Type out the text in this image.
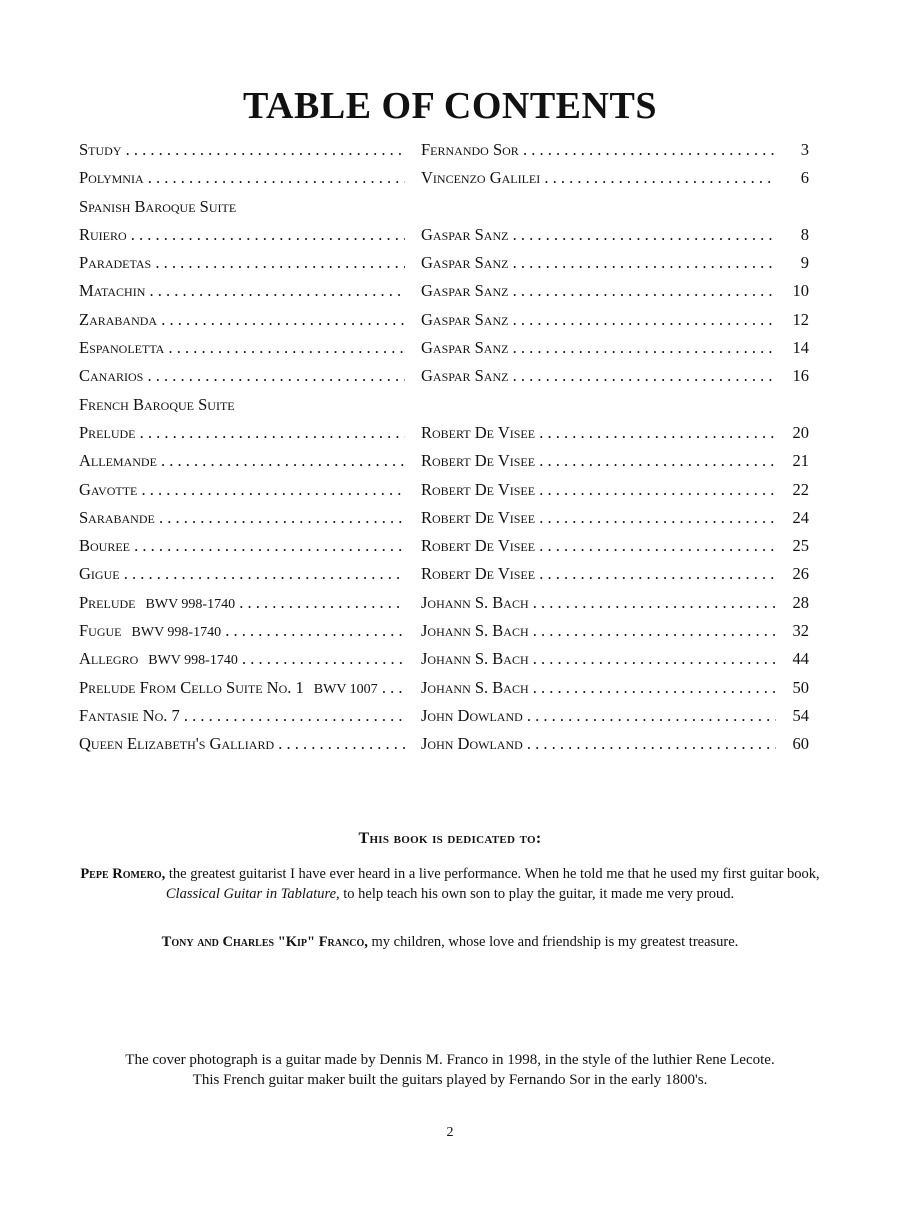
TABLE OF CONTENTS
Study . . .	Fernando Sor . . .	3
Polymnia . . .	Vincenzo Galilei . . .	6
Spanish Baroque Suite
Ruiero . . .	Gaspar Sanz . . .	8
Paradetas . . .	Gaspar Sanz . . .	9
Matachin . . .	Gaspar Sanz . . .	10
Zarabanda . . .	Gaspar Sanz . . .	12
Espanoletta . . .	Gaspar Sanz . . .	14
Canarios . . .	Gaspar Sanz . . .	16
French Baroque Suite
Prelude . . .	Robert De Visee . . .	20
Allemande . . .	Robert De Visee . . .	21
Gavotte . . .	Robert De Visee . . .	22
Sarabande . . .	Robert De Visee . . .	24
Bouree . . .	Robert De Visee . . .	25
Gigue . . .	Robert De Visee . . .	26
Prelude BWV 998-1740 . . .	Johann S. Bach . . .	28
Fugue BWV 998-1740 . . .	Johann S. Bach . . .	32
Allegro BWV 998-1740 . . .	Johann S. Bach . . .	44
Prelude From Cello Suite No. 1 BWV 1007 . . .	Johann S. Bach . . .	50
Fantasie No. 7 . . .	John Dowland . . .	54
Queen Elizabeth's Galliard . . .	John Dowland . . .	60
This book is dedicated to:

Pepe Romero, the greatest guitarist I have ever heard in a live performance. When he told me that he used my first guitar book, Classical Guitar in Tablature, to help teach his own son to play the guitar, it made me very proud.

Tony and Charles "Kip" Franco, my children, whose love and friendship is my greatest treasure.

The cover photograph is a guitar made by Dennis M. Franco in 1998, in the style of the luthier Rene Lecote.
This French guitar maker built the guitars played by Fernando Sor in the early 1800's.
2
